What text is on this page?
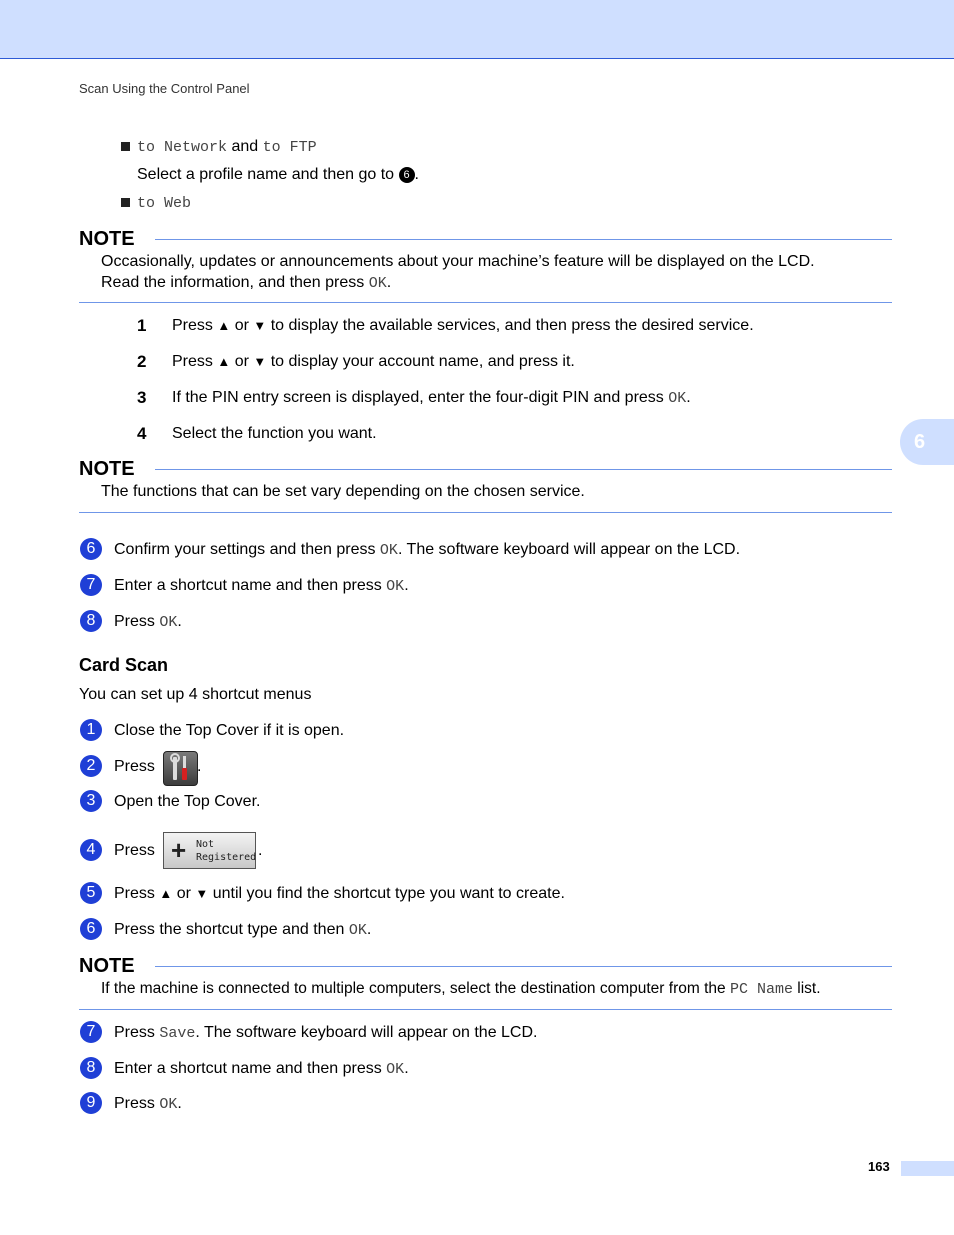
Scan Using the Control Panel
to Network and to FTP
Select a profile name and then go to 6 .
to Web
NOTE
Occasionally, updates or announcements about your machine’s feature will be displayed on the LCD.
Read the information, and then press OK.
1 Press ▲ or ▼ to display the available services, and then press the desired service.
2 Press ▲ or ▼ to display your account name, and press it.
3 If the PIN entry screen is displayed, enter the four-digit PIN and press OK.
4 Select the function you want.
NOTE
The functions that can be set vary depending on the chosen service.
6	Confirm your settings and then press OK. The software keyboard will appear on the LCD.
7	Enter a shortcut name and then press OK.
8	Press OK.
Card Scan
You can set up 4 shortcut menus
1	Close the Top Cover if it is open.
2	Press	.
3	Open the Top Cover.
4	Press + Not
Registered .
5	Press ▲ or ▼ until you find the shortcut type you want to create.
6	Press the shortcut type and then OK.
NOTE
If the machine is connected to multiple computers, select the destination computer from the PC Name list.
7	Press Save. The software keyboard will appear on the LCD.
8	Enter a shortcut name and then press OK.
9	Press OK.
6
163
